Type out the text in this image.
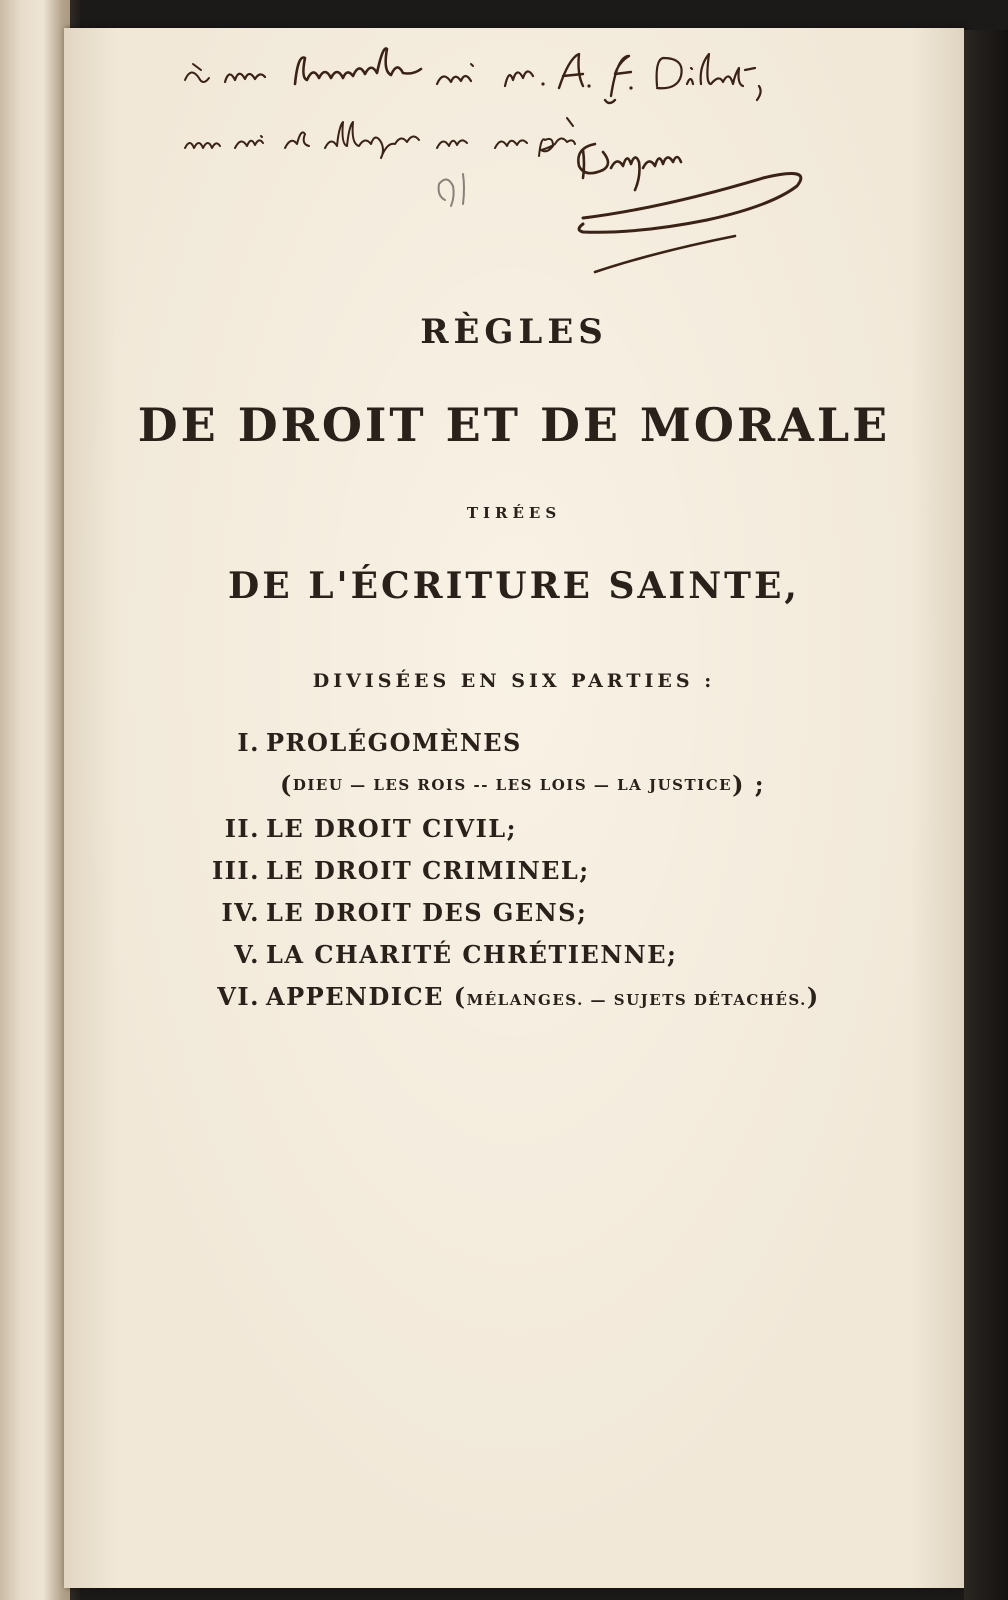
RÈGLES
DE DROIT ET DE MORALE
TIRÉES
DE L'ÉCRITURE SAINTE,
DIVISÉES EN SIX PARTIES :
I. PROLÉGOMÈNES
(DIEU — LES ROIS -- LES LOIS — LA JUSTICE) ;
II. LE DROIT CIVIL;
III. LE DROIT CRIMINEL;
IV. LE DROIT DES GENS;
V. LA CHARITÉ CHRÉTIENNE;
VI. APPENDICE (MÉLANGES. — SUJETS DÉTACHÉS.)
